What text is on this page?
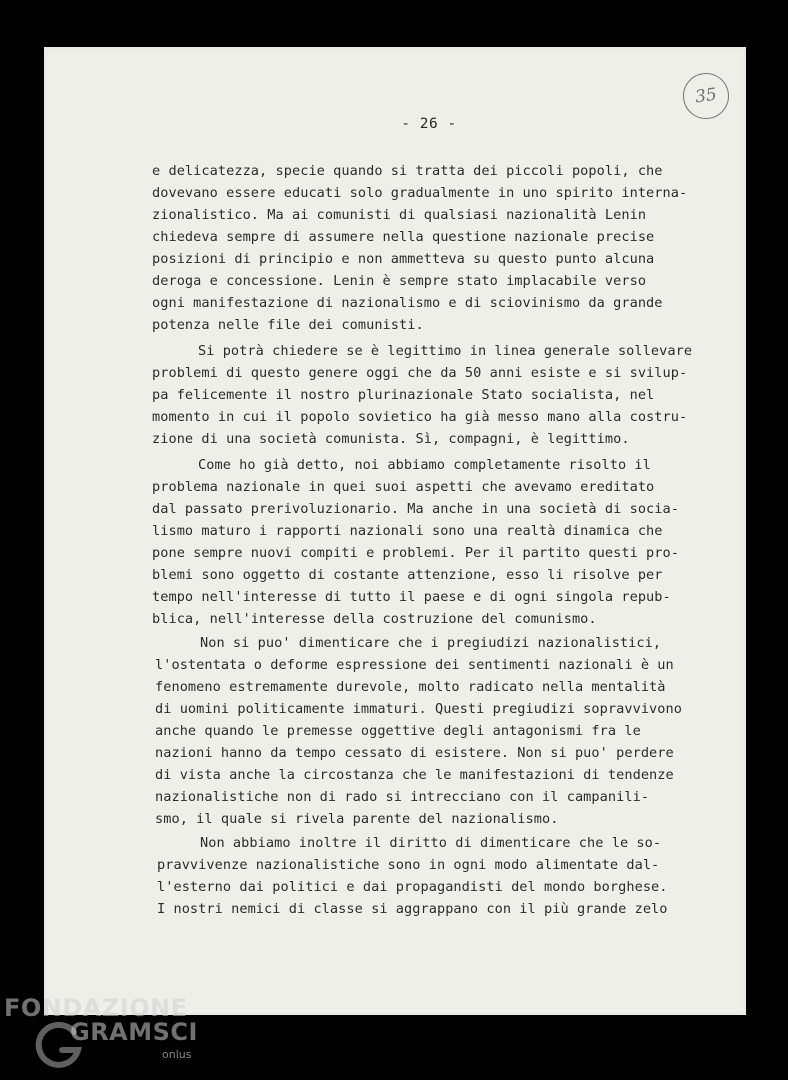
35
- 26 -
e delicatezza, specie quando si tratta dei piccoli popoli, che
dovevano essere educati solo gradualmente in uno spirito interna-
zionalistico. Ma ai comunisti di qualsiasi nazionalità Lenin
chiedeva sempre di assumere nella questione nazionale precise
posizioni di principio e non ammetteva su questo punto alcuna
deroga e concessione. Lenin è sempre stato implacabile verso
ogni manifestazione di nazionalismo e di sciovinismo da grande
potenza nelle file dei comunisti.
Si potrà chiedere se è legittimo in linea generale sollevare
problemi di questo genere oggi che da 50 anni esiste e si svilup-
pa felicemente il nostro plurinazionale Stato socialista, nel
momento in cui il popolo sovietico ha già messo mano alla costru-
zione di una società comunista. Sì, compagni, è legittimo.
Come ho già detto, noi abbiamo completamente risolto il
problema nazionale in quei suoi aspetti che avevamo ereditato
dal passato prerivoluzionario. Ma anche in una società di socia-
lismo maturo i rapporti nazionali sono una realtà dinamica che
pone sempre nuovi compiti e problemi. Per il partito questi pro-
blemi sono oggetto di costante attenzione, esso li risolve per
tempo nell'interesse di tutto il paese e di ogni singola repub-
blica, nell'interesse della costruzione del comunismo.
Non si puo' dimenticare che i pregiudizi nazionalistici,
l'ostentata o deforme espressione dei sentimenti nazionali è un
fenomeno estremamente durevole, molto radicato nella mentalità
di uomini politicamente immaturi. Questi pregiudizi sopravvivono
anche quando le premesse oggettive degli antagonismi fra le
nazioni hanno da tempo cessato di esistere. Non si puo' perdere
di vista anche la circostanza che le manifestazioni di tendenze
nazionalistiche non di rado si intrecciano con il campanili-
smo, il quale si rivela parente del nazionalismo.
Non abbiamo inoltre il diritto di dimenticare che le so-
pravvivenze nazionalistiche sono in ogni modo alimentate dal-
l'esterno dai politici e dai propagandisti del mondo borghese.
I nostri nemici di classe si aggrappano con il più grande zelo
FONDAZIONE
GRAMSCI
onlus
